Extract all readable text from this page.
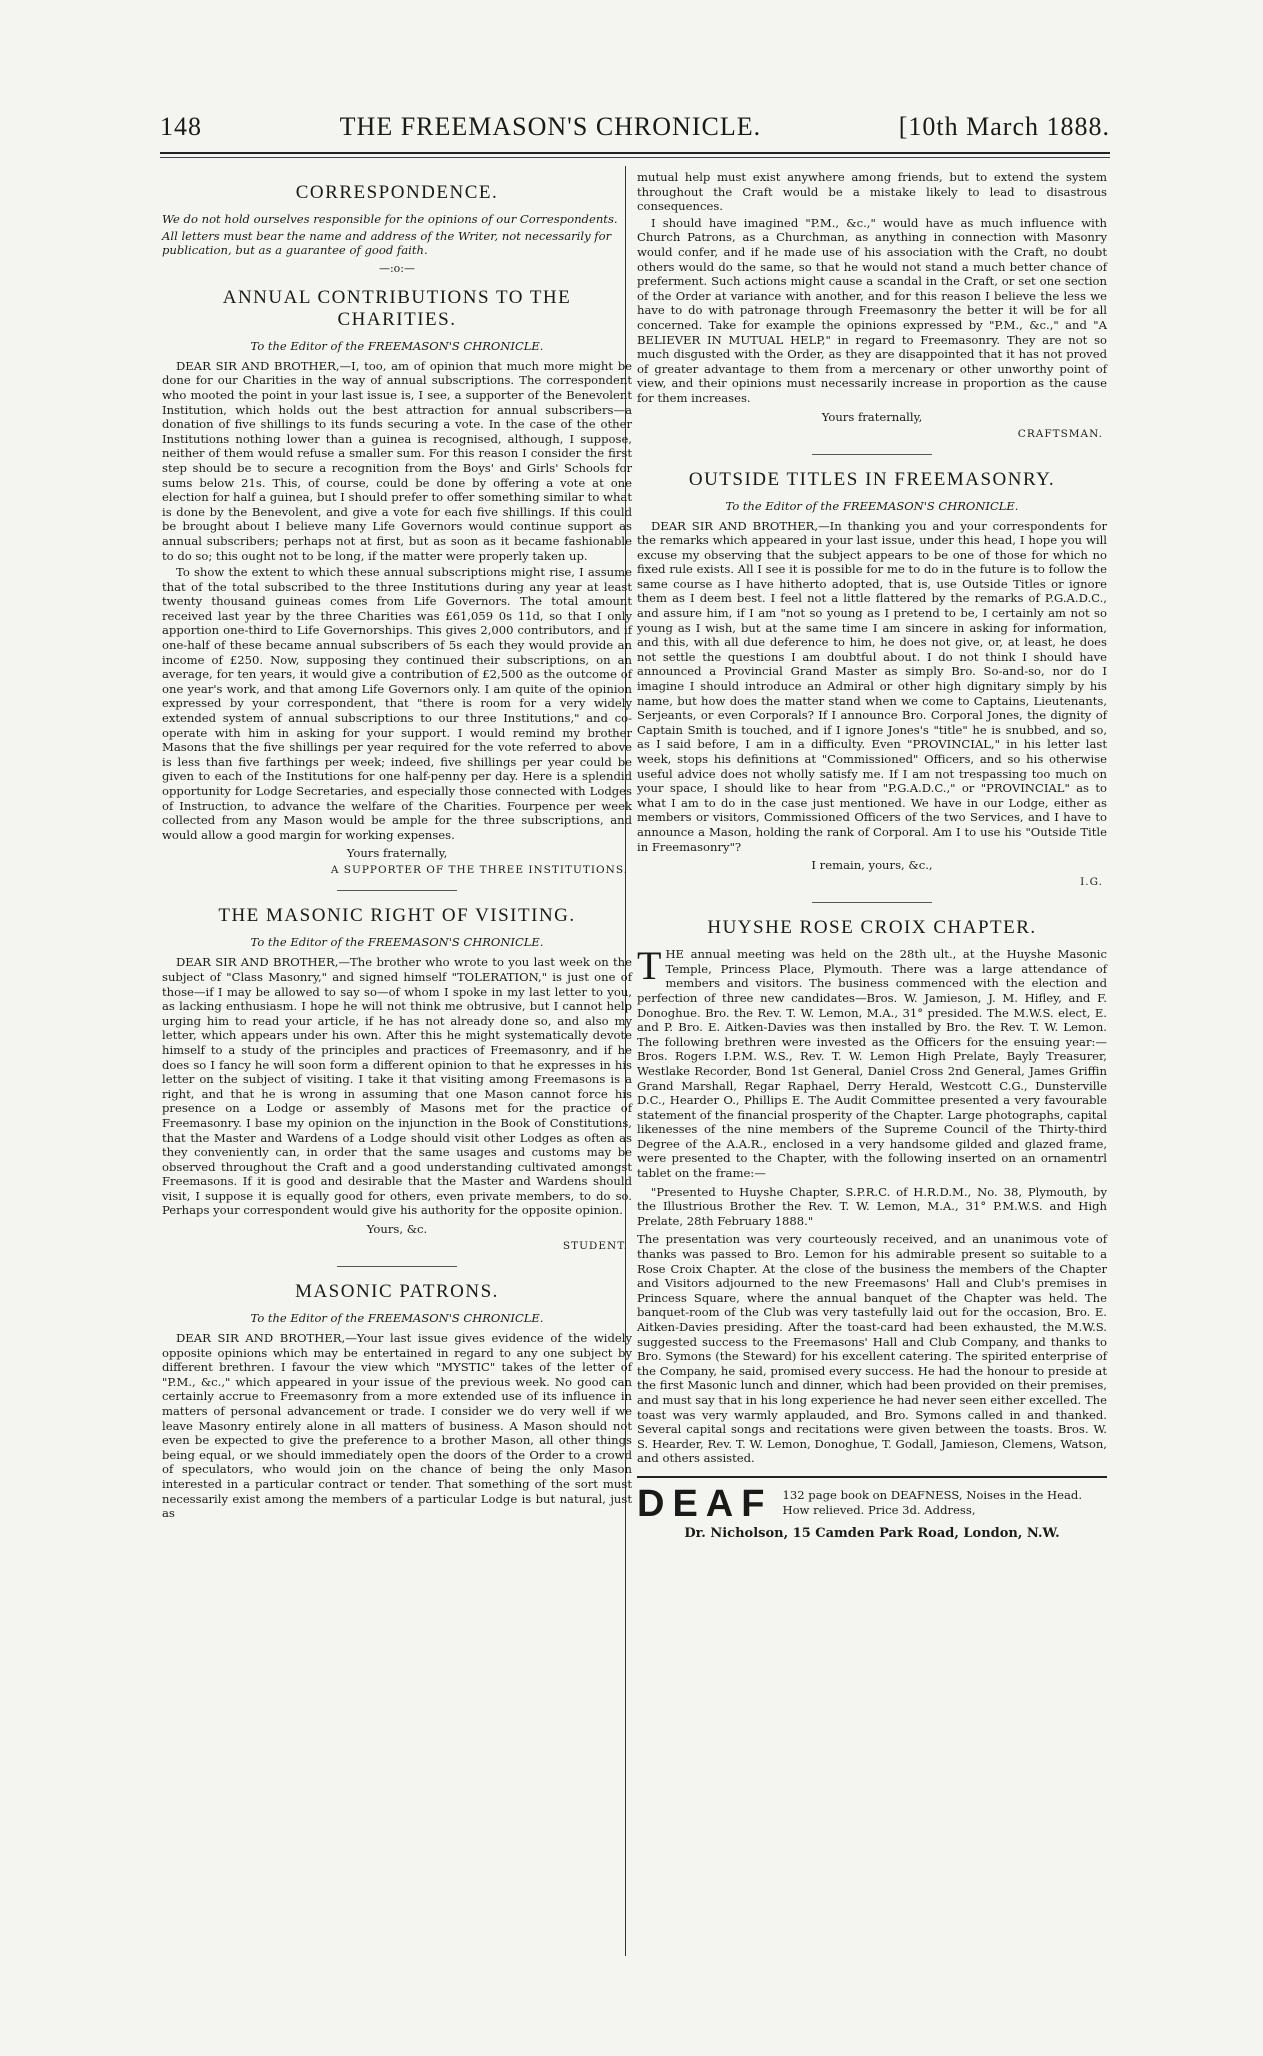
148	THE FREEMASON'S CHRONICLE.	[10th March 1888.
CORRESPONDENCE.
We do not hold ourselves responsible for the opinions of our Correspondents.
All letters must bear the name and address of the Writer, not necessarily for publication, but as a guarantee of good faith.
—:o:—
ANNUAL CONTRIBUTIONS TO THE CHARITIES.
To the Editor of the FREEMASON'S CHRONICLE.

DEAR SIR AND BROTHER,—I, too, am of opinion that much more might be done for our Charities in the way of annual subscriptions. The correspondent who mooted the point in your last issue is, I see, a supporter of the Benevolent Institution, which holds out the best attraction for annual subscribers—a donation of five shillings to its funds securing a vote. In the case of the other Institutions nothing lower than a guinea is recognised, although, I suppose, neither of them would refuse a smaller sum. For this reason I consider the first step should be to secure a recognition from the Boys' and Girls' Schools for sums below 21s. This, of course, could be done by offering a vote at one election for half a guinea, but I should prefer to offer something similar to what is done by the Benevolent, and give a vote for each five shillings. If this could be brought about I believe many Life Governors would continue support as annual subscribers; perhaps not at first, but as soon as it became fashionable to do so; this ought not to be long, if the matter were properly taken up.

To show the extent to which these annual subscriptions might rise, I assume that of the total subscribed to the three Institutions during any year at least twenty thousand guineas comes from Life Governors. The total amount received last year by the three Charities was £61,059 0s 11d, so that I only apportion one-third to Life Governorships. This gives 2,000 contributors, and if one-half of these became annual subscribers of 5s each they would provide an income of £250. Now, supposing they continued their subscriptions, on an average, for ten years, it would give a contribution of £2,500 as the outcome of one year's work, and that among Life Governors only. I am quite of the opinion expressed by your correspondent, that "there is room for a very widely extended system of annual subscriptions to our three Institutions," and co-operate with him in asking for your support. I would remind my brother Masons that the five shillings per year required for the vote referred to above is less than five farthings per week; indeed, five shillings per year could be given to each of the Institutions for one half-penny per day. Here is a splendid opportunity for Lodge Secretaries, and especially those connected with Lodges of Instruction, to advance the welfare of the Charities. Fourpence per week collected from any Mason would be ample for the three subscriptions, and would allow a good margin for working expenses.

Yours fraternally,
A SUPPORTER OF THE THREE INSTITUTIONS.
THE MASONIC RIGHT OF VISITING.
To the Editor of the FREEMASON'S CHRONICLE.

DEAR SIR AND BROTHER,—The brother who wrote to you last week on the subject of "Class Masonry," and signed himself "TOLERATION," is just one of those—if I may be allowed to say so—of whom I spoke in my last letter to you, as lacking enthusiasm. I hope he will not think me obtrusive, but I cannot help urging him to read your article, if he has not already done so, and also my letter, which appears under his own. After this he might systematically devote himself to a study of the principles and practices of Freemasonry, and if he does so I fancy he will soon form a different opinion to that he expresses in his letter on the subject of visiting. I take it that visiting among Freemasons is a right, and that he is wrong in assuming that one Mason cannot force his presence on a Lodge or assembly of Masons met for the practice of Freemasonry. I base my opinion on the injunction in the Book of Constitutions, that the Master and Wardens of a Lodge should visit other Lodges as often as they conveniently can, in order that the same usages and customs may be observed throughout the Craft and a good understanding cultivated amongst Freemasons. If it is good and desirable that the Master and Wardens should visit, I suppose it is equally good for others, even private members, to do so. Perhaps your correspondent would give his authority for the opposite opinion.

Yours, &c.
STUDENT.
MASONIC PATRONS.
To the Editor of the FREEMASON'S CHRONICLE.

DEAR SIR AND BROTHER,—Your last issue gives evidence of the widely opposite opinions which may be entertained in regard to any one subject by different brethren. I favour the view which "MYSTIC" takes of the letter of "P.M., &c.," which appeared in your issue of the previous week. No good can certainly accrue to Freemasonry from a more extended use of its influence in matters of personal advancement or trade. I consider we do very well if we leave Masonry entirely alone in all matters of business. A Mason should not even be expected to give the preference to a brother Mason, all other things being equal, or we should immediately open the doors of the Order to a crowd of speculators, who would join on the chance of being the only Mason interested in a particular contract or tender. That something of the sort must necessarily exist among the members of a particular Lodge is but natural, just as

mutual help must exist anywhere among friends, but to extend the system throughout the Craft would be a mistake likely to lead to disastrous consequences.

I should have imagined "P.M., &c.," would have as much influence with Church Patrons, as a Churchman, as anything in connection with Masonry would confer, and if he made use of his association with the Craft, no doubt others would do the same, so that he would not stand a much better chance of preferment. Such actions might cause a scandal in the Craft, or set one section of the Order at variance with another, and for this reason I believe the less we have to do with patronage through Freemasonry the better it will be for all concerned. Take for example the opinions expressed by "P.M., &c.," and "A BELIEVER IN MUTUAL HELP," in regard to Freemasonry. They are not so much disgusted with the Order, as they are disappointed that it has not proved of greater advantage to them from a mercenary or other unworthy point of view, and their opinions must necessarily increase in proportion as the cause for them increases.

Yours fraternally,
CRAFTSMAN.
OUTSIDE TITLES IN FREEMASONRY.
To the Editor of the FREEMASON'S CHRONICLE.

DEAR SIR AND BROTHER,—In thanking you and your correspondents for the remarks which appeared in your last issue, under this head, I hope you will excuse my observing that the subject appears to be one of those for which no fixed rule exists. All I see it is possible for me to do in the future is to follow the same course as I have hitherto adopted, that is, use Outside Titles or ignore them as I deem best. I feel not a little flattered by the remarks of P.G.A.D.C., and assure him, if I am "not so young as I pretend to be, I certainly am not so young as I wish, but at the same time I am sincere in asking for information, and this, with all due deference to him, he does not give, or, at least, he does not settle the questions I am doubtful about. I do not think I should have announced a Provincial Grand Master as simply Bro. So-and-so, nor do I imagine I should introduce an Admiral or other high dignitary simply by his name, but how does the matter stand when we come to Captains, Lieutenants, Serjeants, or even Corporals? If I announce Bro. Corporal Jones, the dignity of Captain Smith is touched, and if I ignore Jones's "title" he is snubbed, and so, as I said before, I am in a difficulty. Even "PROVINCIAL," in his letter last week, stops his definitions at "Commissioned" Officers, and so his otherwise useful advice does not wholly satisfy me. If I am not trespassing too much on your space, I should like to hear from "P.G.A.D.C.," or "PROVINCIAL" as to what I am to do in the case just mentioned. We have in our Lodge, either as members or visitors, Commissioned Officers of the two Services, and I have to announce a Mason, holding the rank of Corporal. Am I to use his "Outside Title in Freemasonry"?

I remain, yours, &c.,
I.G.
HUYSHE ROSE CROIX CHAPTER.

THE annual meeting was held on the 28th ult., at the Huyshe Masonic Temple, Princess Place, Plymouth. There was a large attendance of members and visitors. The business commenced with the election and perfection of three new candidates—Bros. W. Jamieson, J. M. Hifley, and F. Donoghue. Bro. the Rev. T. W. Lemon, M.A., 31° presided. The M.W.S. elect, E. and P. Bro. E. Aitken-Davies was then installed by Bro. the Rev. T. W. Lemon. The following brethren were invested as the Officers for the ensuing year:—Bros. Rogers I.P.M. W.S., Rev. T. W. Lemon High Prelate, Bayly Treasurer, Westlake Recorder, Bond 1st General, Daniel Cross 2nd General, James Griffin Grand Marshall, Regar Raphael, Derry Herald, Westcott C.G., Dunsterville D.C., Hearder O., Phillips E. The Audit Committee presented a very favourable statement of the financial prosperity of the Chapter. Large photographs, capital likenesses of the nine members of the Supreme Council of the Thirty-third Degree of the A.A.R., enclosed in a very handsome gilded and glazed frame, were presented to the Chapter, with the following inserted on an ornamentrl tablet on the frame:—

"Presented to Huyshe Chapter, S.P.R.C. of H.R.D.M., No. 38, Plymouth, by the Illustrious Brother the Rev. T. W. Lemon, M.A., 31° P.M.W.S. and High Prelate, 28th February 1888."

The presentation was very courteously received, and an unanimous vote of thanks was passed to Bro. Lemon for his admirable present so suitable to a Rose Croix Chapter. At the close of the business the members of the Chapter and Visitors adjourned to the new Freemasons' Hall and Club's premises in Princess Square, where the annual banquet of the Chapter was held. The banquet-room of the Club was very tastefully laid out for the occasion, Bro. E. Aitken-Davies presiding. After the toast-card had been exhausted, the M.W.S. suggested success to the Freemasons' Hall and Club Company, and thanks to Bro. Symons (the Steward) for his excellent catering. The spirited enterprise of the Company, he said, promised every success. He had the honour to preside at the first Masonic lunch and dinner, which had been provided on their premises, and must say that in his long experience he had never seen either excelled. The toast was very warmly applauded, and Bro. Symons called in and thanked. Several capital songs and recitations were given between the toasts. Bros. W. S. Hearder, Rev. T. W. Lemon, Donoghue, T. Godall, Jamieson, Clemens, Watson, and others assisted.

DEAF 132 page book on DEAFNESS, Noises in the Head. How relieved. Price 3d. Address,
Dr. Nicholson, 15 Camden Park Road, London, N.W.
